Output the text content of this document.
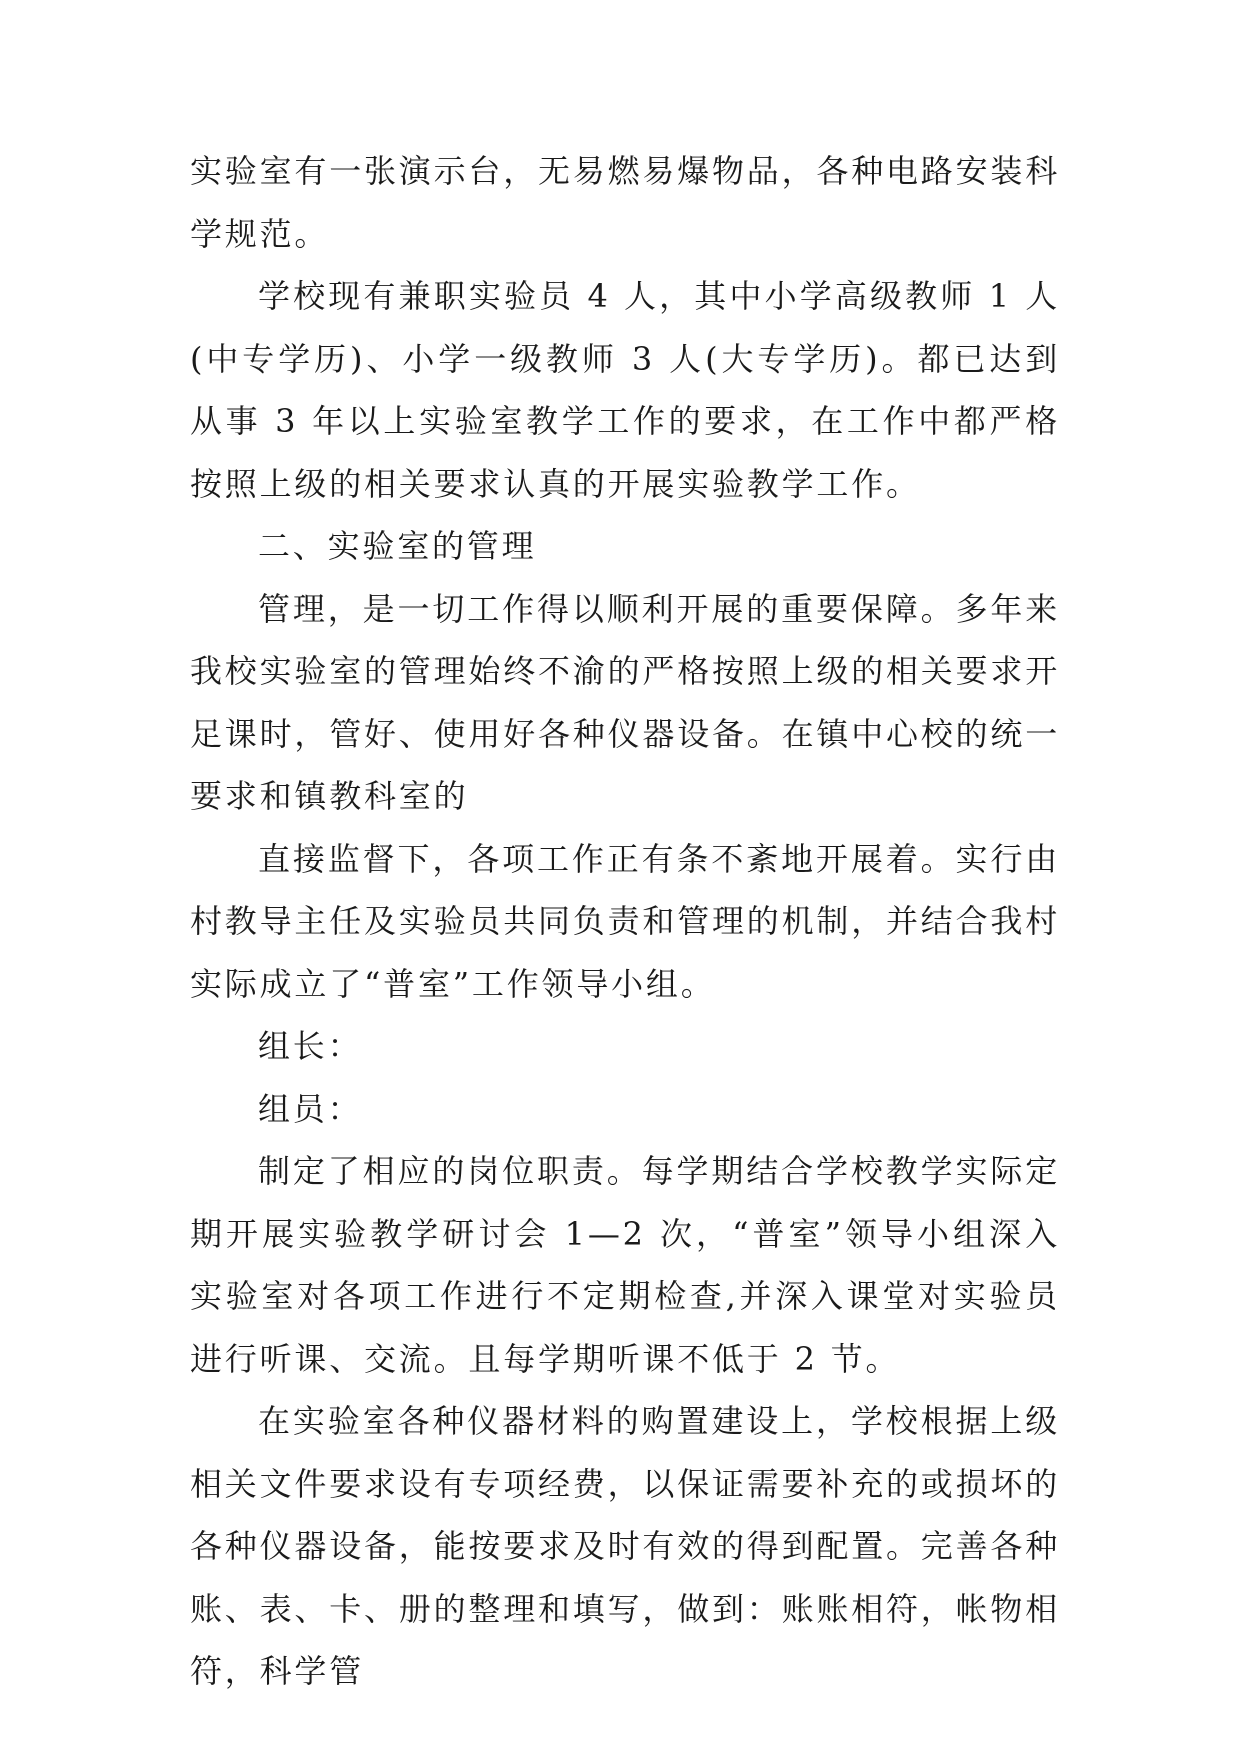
实验室有一张演示台，无易燃易爆物品，各种电路安装科学规范。

学校现有兼职实验员 4 人，其中小学高级教师 1 人(中专学历)、小学一级教师 3 人(大专学历)。都已达到从事 3 年以上实验室教学工作的要求，在工作中都严格按照上级的相关要求认真的开展实验教学工作。

二、实验室的管理

管理，是一切工作得以顺利开展的重要保障。多年来我校实验室的管理始终不渝的严格按照上级的相关要求开足课时，管好、使用好各种仪器设备。在镇中心校的统一要求和镇教科室的

直接监督下，各项工作正有条不紊地开展着。实行由村教导主任及实验员共同负责和管理的机制，并结合我村实际成立了“普室”工作领导小组。

组长：

组员：

制定了相应的岗位职责。每学期结合学校教学实际定期开展实验教学研讨会 1—2 次，“普室”领导小组深入实验室对各项工作进行不定期检查,并深入课堂对实验员进行听课、交流。且每学期听课不低于 2 节。

在实验室各种仪器材料的购置建设上，学校根据上级相关文件要求设有专项经费，以保证需要补充的或损坏的各种仪器设备，能按要求及时有效的得到配置。完善各种账、表、卡、册的整理和填写，做到：账账相符，帐物相符，科学管
